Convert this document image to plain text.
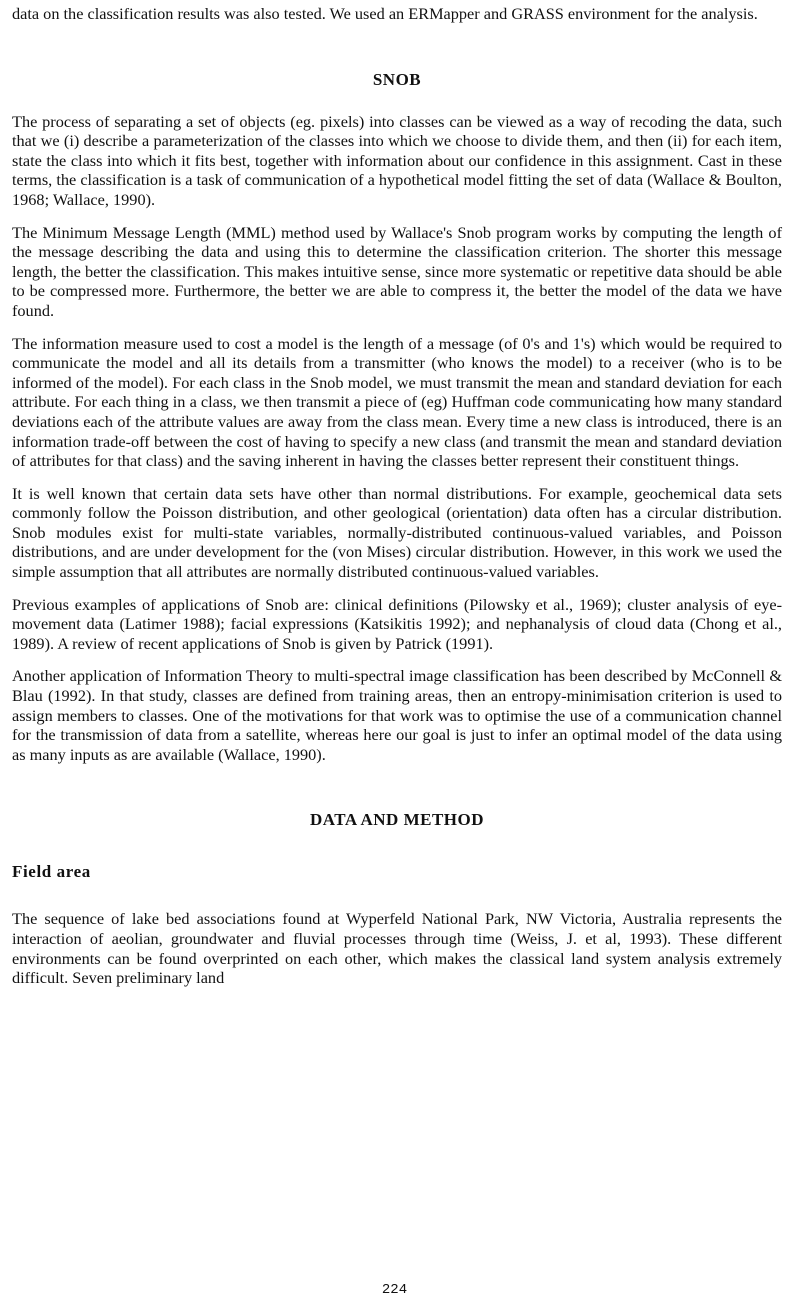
data on the classification results was also tested. We used an ERMapper and GRASS environment for the analysis.

SNOB

The process of separating a set of objects (eg. pixels) into classes can be viewed as a way of recoding the data, such that we (i) describe a parameterization of the classes into which we choose to divide them, and then (ii) for each item, state the class into which it fits best, together with information about our confidence in this assignment. Cast in these terms, the classification is a task of communication of a hypothetical model fitting the set of data (Wallace & Boulton, 1968; Wallace, 1990).

The Minimum Message Length (MML) method used by Wallace's Snob program works by computing the length of the message describing the data and using this to determine the classification criterion. The shorter this message length, the better the classification. This makes intuitive sense, since more systematic or repetitive data should be able to be compressed more. Furthermore, the better we are able to compress it, the better the model of the data we have found.

The information measure used to cost a model is the length of a message (of 0's and 1's) which would be required to communicate the model and all its details from a transmitter (who knows the model) to a receiver (who is to be informed of the model). For each class in the Snob model, we must transmit the mean and standard deviation for each attribute. For each thing in a class, we then transmit a piece of (eg) Huffman code communicating how many standard deviations each of the attribute values are away from the class mean. Every time a new class is introduced, there is an information trade-off between the cost of having to specify a new class (and transmit the mean and standard deviation of attributes for that class) and the saving inherent in having the classes better represent their constituent things.

It is well known that certain data sets have other than normal distributions. For example, geochemical data sets commonly follow the Poisson distribution, and other geological (orientation) data often has a circular distribution. Snob modules exist for multi-state variables, normally-distributed continuous-valued variables, and Poisson distributions, and are under development for the (von Mises) circular distribution. However, in this work we used the simple assumption that all attributes are normally distributed continuous-valued variables.

Previous examples of applications of Snob are: clinical definitions (Pilowsky et al., 1969); cluster analysis of eye-movement data (Latimer 1988); facial expressions (Katsikitis 1992); and nephanalysis of cloud data (Chong et al., 1989). A review of recent applications of Snob is given by Patrick (1991).

Another application of Information Theory to multi-spectral image classification has been described by McConnell & Blau (1992). In that study, classes are defined from training areas, then an entropy-minimisation criterion is used to assign members to classes. One of the motivations for that work was to optimise the use of a communication channel for the transmission of data from a satellite, whereas here our goal is just to infer an optimal model of the data using as many inputs as are available (Wallace, 1990).

DATA AND METHOD
Field area

The sequence of lake bed associations found at Wyperfeld National Park, NW Victoria, Australia represents the interaction of aeolian, groundwater and fluvial processes through time (Weiss, J. et al, 1993). These different environments can be found overprinted on each other, which makes the classical land system analysis extremely difficult. Seven preliminary land

224
